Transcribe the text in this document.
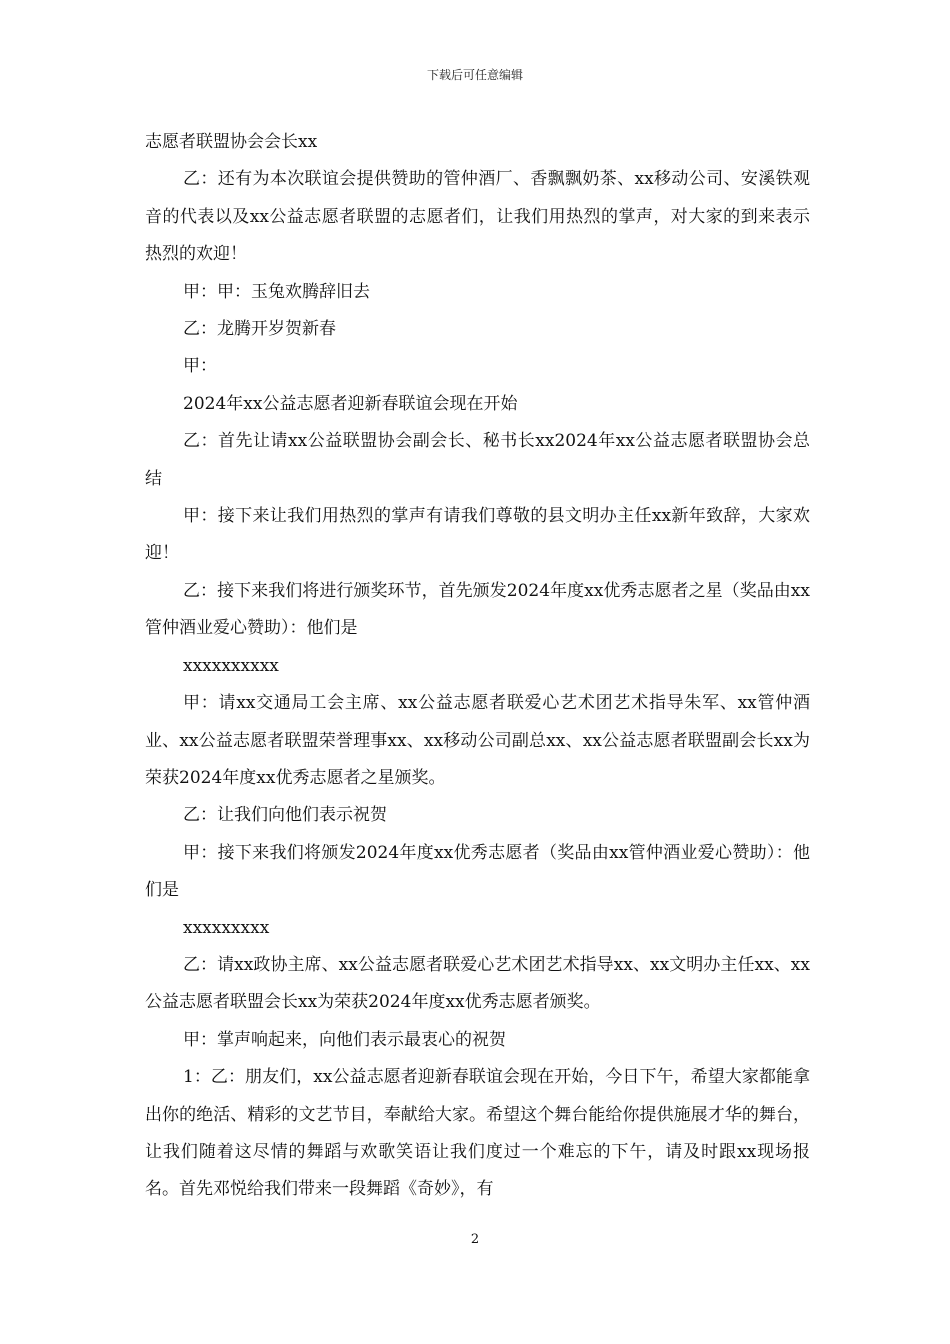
下载后可任意编辑

志愿者联盟协会会长xx

乙：还有为本次联谊会提供赞助的管仲酒厂、香飘飘奶茶、xx移动公司、安溪铁观音的代表以及xx公益志愿者联盟的志愿者们，让我们用热烈的掌声，对大家的到来表示热烈的欢迎！

甲：甲：玉兔欢腾辞旧去

乙：龙腾开岁贺新春

甲：

2024年xx公益志愿者迎新春联谊会现在开始

乙：首先让请xx公益联盟协会副会长、秘书长xx2024年xx公益志愿者联盟协会总结

甲：接下来让我们用热烈的掌声有请我们尊敬的县文明办主任xx新年致辞，大家欢迎！

乙：接下来我们将进行颁奖环节，首先颁发2024年度xx优秀志愿者之星（奖品由xx管仲酒业爱心赞助）：他们是

xxxxxxxxxx

甲：请xx交通局工会主席、xx公益志愿者联爱心艺术团艺术指导朱军、xx管仲酒业、xx公益志愿者联盟荣誉理事xx、xx移动公司副总xx、xx公益志愿者联盟副会长xx为荣获2024年度xx优秀志愿者之星颁奖。

乙：让我们向他们表示祝贺

甲：接下来我们将颁发2024年度xx优秀志愿者（奖品由xx管仲酒业爱心赞助）：他们是

xxxxxxxxx

乙：请xx政协主席、xx公益志愿者联爱心艺术团艺术指导xx、xx文明办主任xx、xx公益志愿者联盟会长xx为荣获2024年度xx优秀志愿者颁奖。

甲：掌声响起来，向他们表示最衷心的祝贺

1：乙：朋友们，xx公益志愿者迎新春联谊会现在开始，今日下午，希望大家都能拿出你的绝活、精彩的文艺节目，奉献给大家。希望这个舞台能给你提供施展才华的舞台，让我们随着这尽情的舞蹈与欢歌笑语让我们度过一个难忘的下午，请及时跟xx现场报名。首先邓悦给我们带来一段舞蹈《奇妙》，有

2
